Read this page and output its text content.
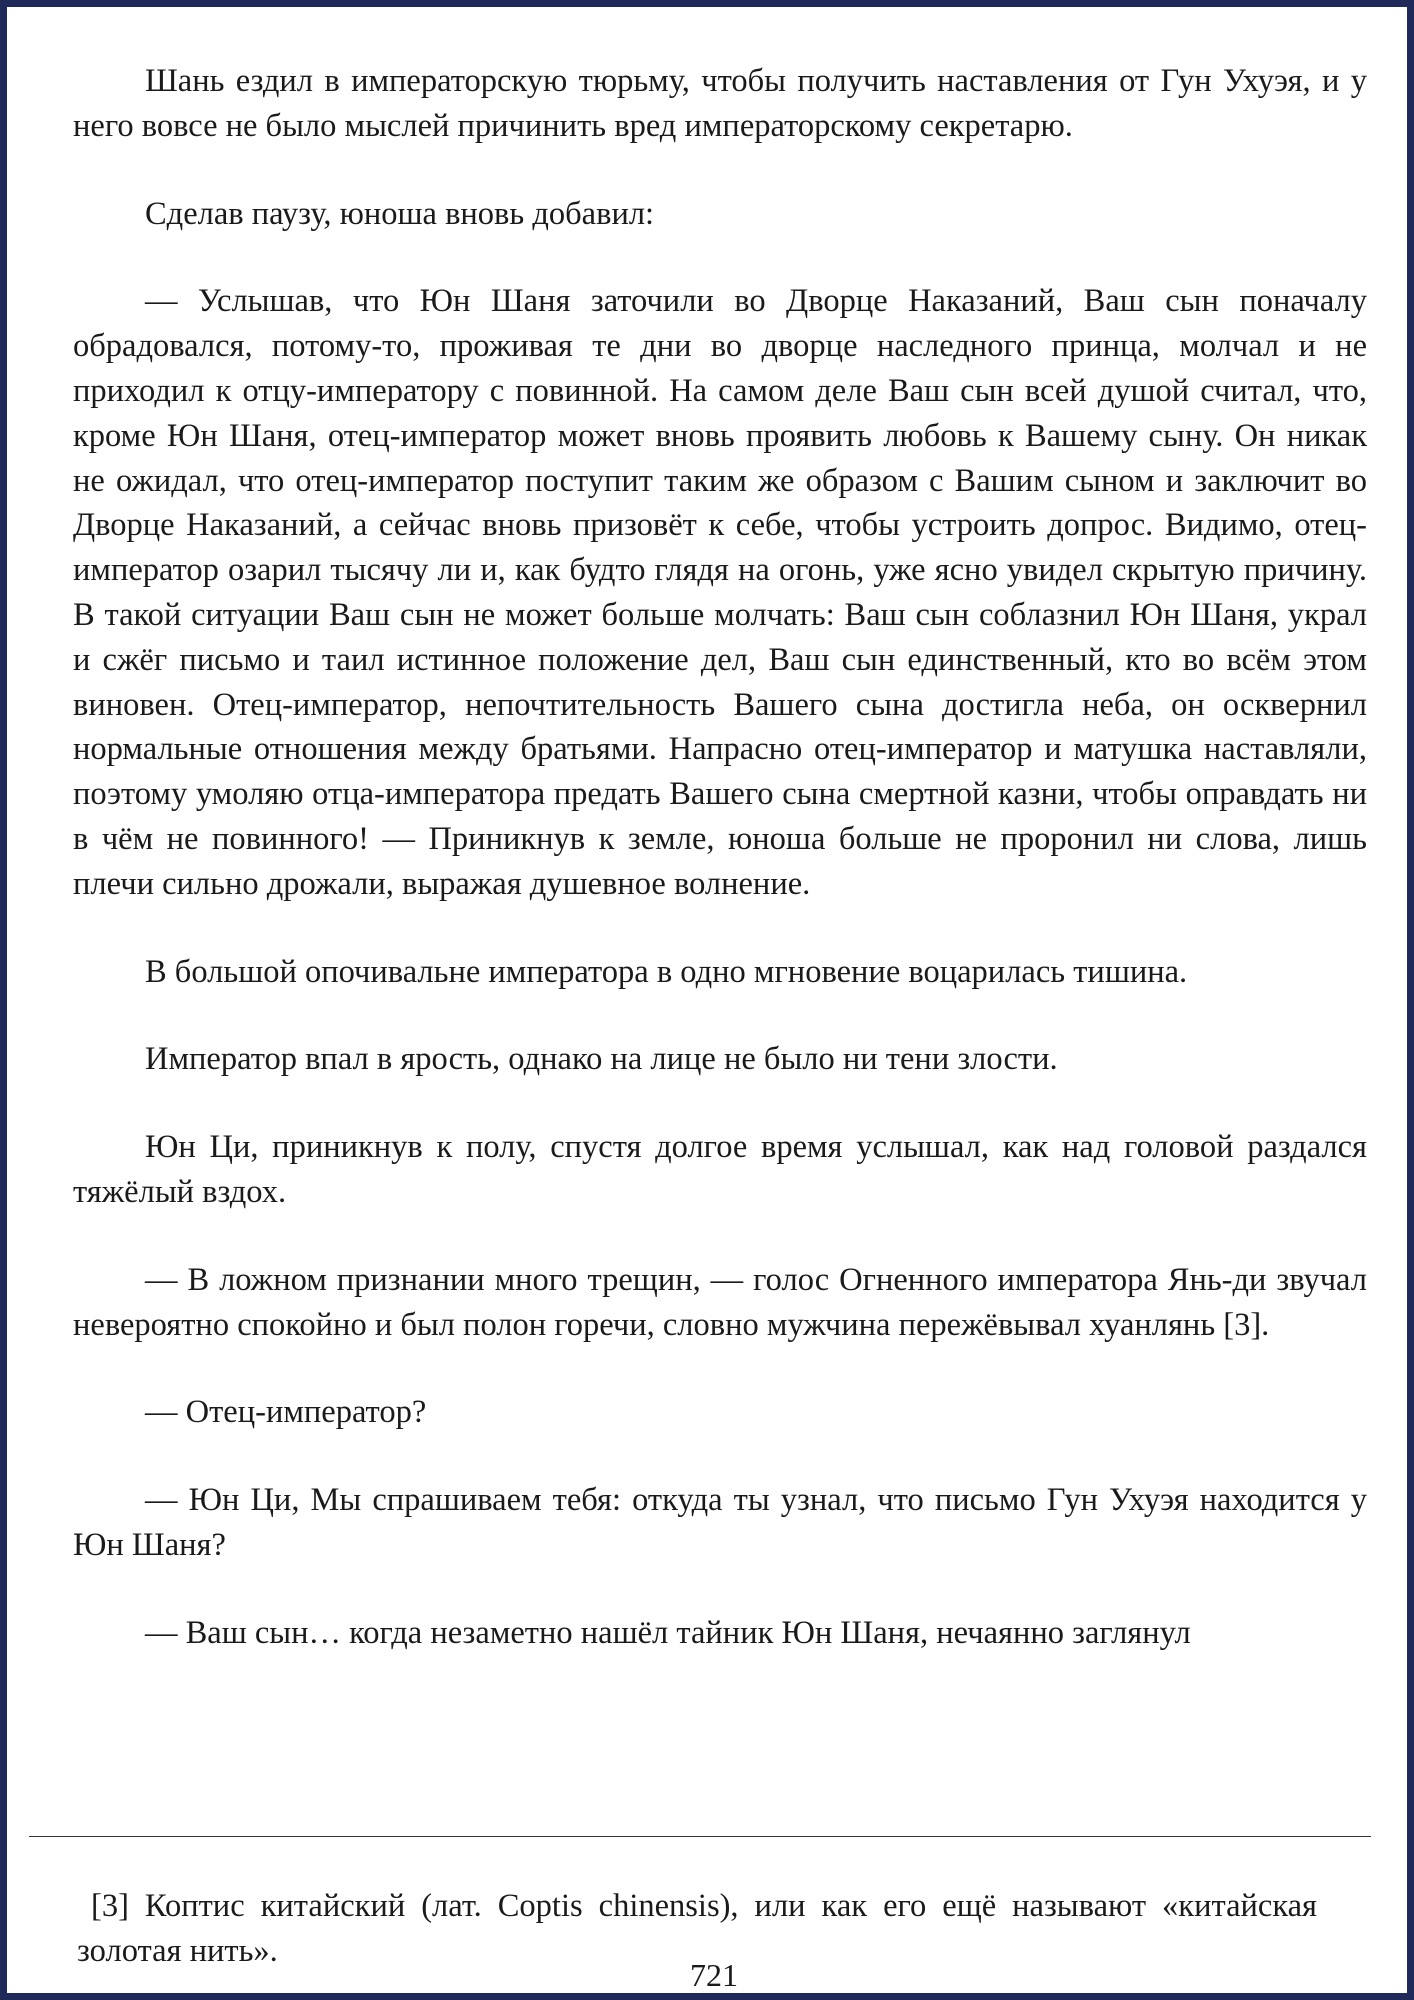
Шань ездил в императорскую тюрьму, чтобы получить наставления от Гун Ухуэя, и у него вовсе не было мыслей причинить вред императорскому секретарю.

Сделав паузу, юноша вновь добавил:

— Услышав, что Юн Шаня заточили во Дворце Наказаний, Ваш сын поначалу обрадовался, потому-то, проживая те дни во дворце наследного принца, молчал и не приходил к отцу-императору с повинной. На самом деле Ваш сын всей душой считал, что, кроме Юн Шаня, отец-император может вновь проявить любовь к Вашему сыну. Он никак не ожидал, что отец-император поступит таким же образом с Вашим сыном и заключит во Дворце Наказаний, а сейчас вновь призовёт к себе, чтобы устроить допрос. Видимо, отец-император озарил тысячу ли и, как будто глядя на огонь, уже ясно увидел скрытую причину. В такой ситуации Ваш сын не может больше молчать: Ваш сын соблазнил Юн Шаня, украл и сжёг письмо и таил истинное положение дел, Ваш сын единственный, кто во всём этом виновен. Отец-император, непочтительность Вашего сына достигла неба, он осквернил нормальные отношения между братьями. Напрасно отец-император и матушка наставляли, поэтому умоляю отца-императора предать Вашего сына смертной казни, чтобы оправдать ни в чём не повинного! — Приникнув к земле, юноша больше не проронил ни слова, лишь плечи сильно дрожали, выражая душевное волнение.

В большой опочивальне императора в одно мгновение воцарилась тишина.

Император впал в ярость, однако на лице не было ни тени злости.

Юн Ци, приникнув к полу, спустя долгое время услышал, как над головой раздался тяжёлый вздох.

— В ложном признании много трещин, — голос Огненного императора Янь-ди звучал невероятно спокойно и был полон горечи, словно мужчина пережёвывал хуанлянь [3].

— Отец-император?

— Юн Ци, Мы спрашиваем тебя: откуда ты узнал, что письмо Гун Ухуэя находится у Юн Шаня?

— Ваш сын… когда незаметно нашёл тайник Юн Шаня, нечаянно заглянул

[3] Коптис китайский (лат. Coptis chinensis), или как его ещё называют «китайская золотая нить».

721
